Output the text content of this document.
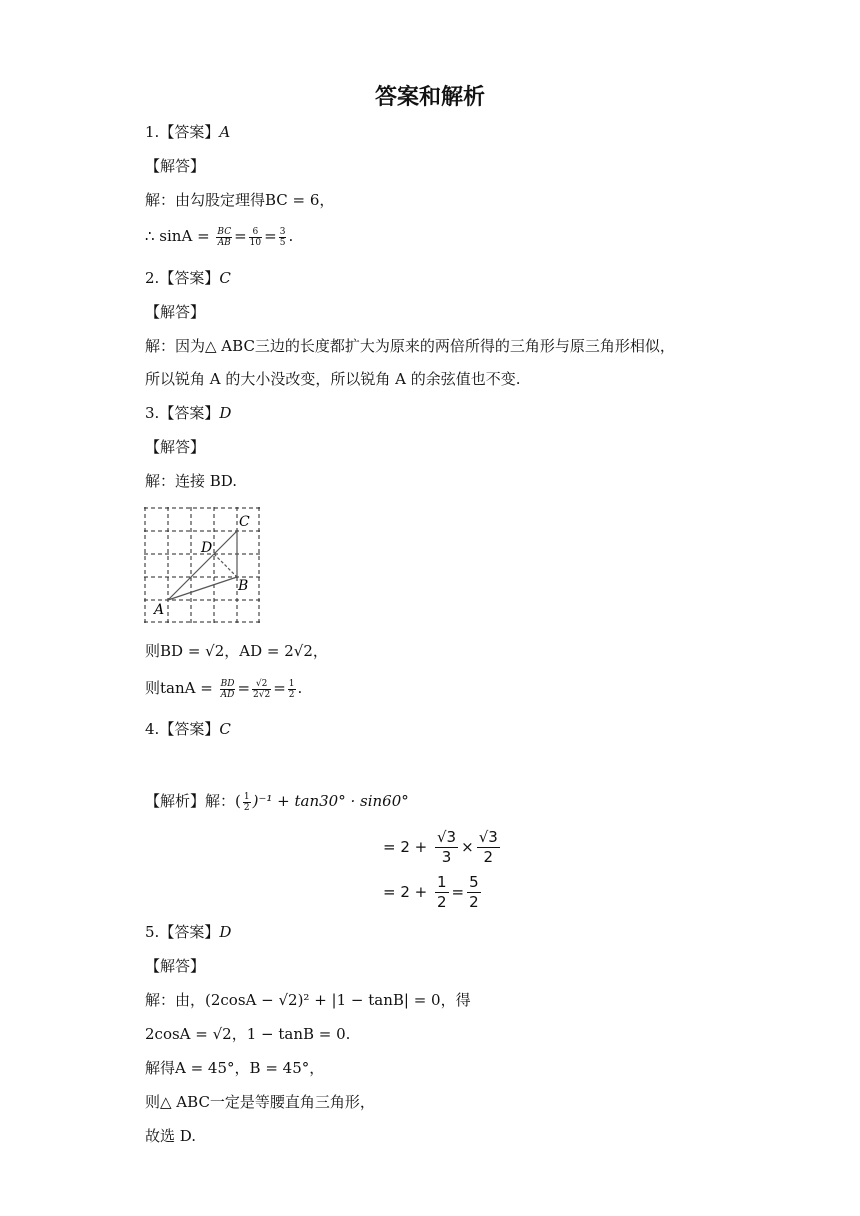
答案和解析
1.【答案】A
【解答】
解：由勾股定理得BC = 6，
∴ $\sin A = \frac{BC}{AB} = \frac{6}{10} = \frac{3}{5}$ .
2.【答案】C
【解答】
解：因为△ ABC三边的长度都扩大为原来的两倍所得的三角形与原三角形相似，
所以锐角 A 的大小没改变，所以锐角 A 的余弦值也不变.
3.【答案】D
【解答】
解：连接 BD.
C
D
B
A
则BD = √2，AD = 2√2，
则$\tan A = \frac{BD}{AD} = \frac{√2}{2√2} = \frac{1}{2}$ .
4.【答案】C
【解析】解：( $\frac{1}{2} )^{-1} + \tan 30^\circ \cdot \sin 60^\circ$
= $2 + \frac{√3}{3} \times \frac{√3}{2}$
= $2 + \frac{1}{2} = \frac{5}{2}$
5.【答案】D
【解答】
解：由，(2cosA − √2)² + |1 − tanB| = 0，得
2cosA = √2，1 − tanB = 0.
解得A = 45°，B = 45°，
则△ ABC一定是等腰直角三角形，
故选 D.
